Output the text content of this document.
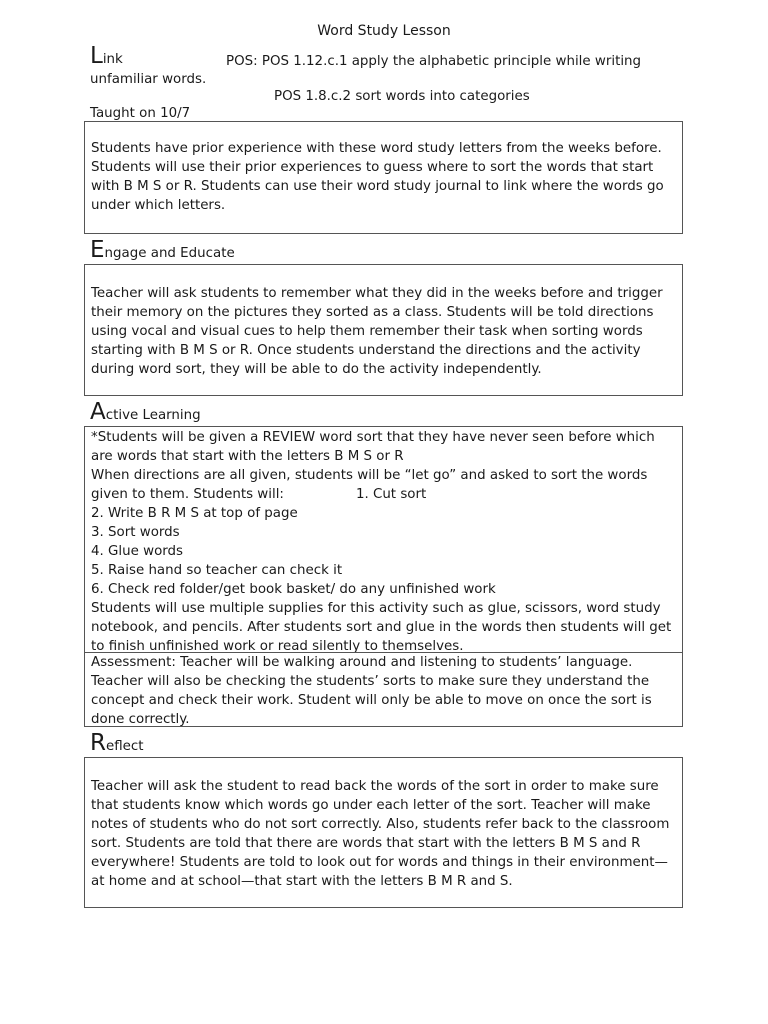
Word Study Lesson
Link	POS: POS 1.12.c.1 apply the alphabetic principle while writing
unfamiliar words.
POS 1.8.c.2 sort words into categories
Taught on 10/7

Students have prior experience with these word study letters from the weeks before. Students will use their prior experiences to guess where to sort the words that start with B M S or R. Students can use their word study journal to link where the words go under which letters.

Engage and Educate

Teacher will ask students to remember what they did in the weeks before and trigger their memory on the pictures they sorted as a class. Students will be told directions using vocal and visual cues to help them remember their task when sorting words starting with B M S or R. Once students understand the directions and the activity during word sort, they will be able to do the activity independently.

Active Learning

*Students will be given a REVIEW word sort that they have never seen before which are words that start with the letters B M S or R

When directions are all given, students will be “let go” and asked to sort the words given to them. Students will:	1. Cut sort

2. Write B R M S at top of page

3. Sort words

4. Glue words

5. Raise hand so teacher can check it

6. Check red folder/get book basket/ do any unfinished work

Students will use multiple supplies for this activity such as glue, scissors, word study notebook, and pencils. After students sort and glue in the words then students will get to finish unfinished work or read silently to themselves.

Assessment: Teacher will be walking around and listening to students’ language. Teacher will also be checking the students’ sorts to make sure they understand the concept and check their work. Student will only be able to move on once the sort is done correctly.

Reflect

Teacher will ask the student to read back the words of the sort in order to make sure that students know which words go under each letter of the sort. Teacher will make notes of students who do not sort correctly. Also, students refer back to the classroom sort. Students are told that there are words that start with the letters B M S and R everywhere! Students are told to look out for words and things in their environment—at home and at school—that start with the letters B M R and S.
